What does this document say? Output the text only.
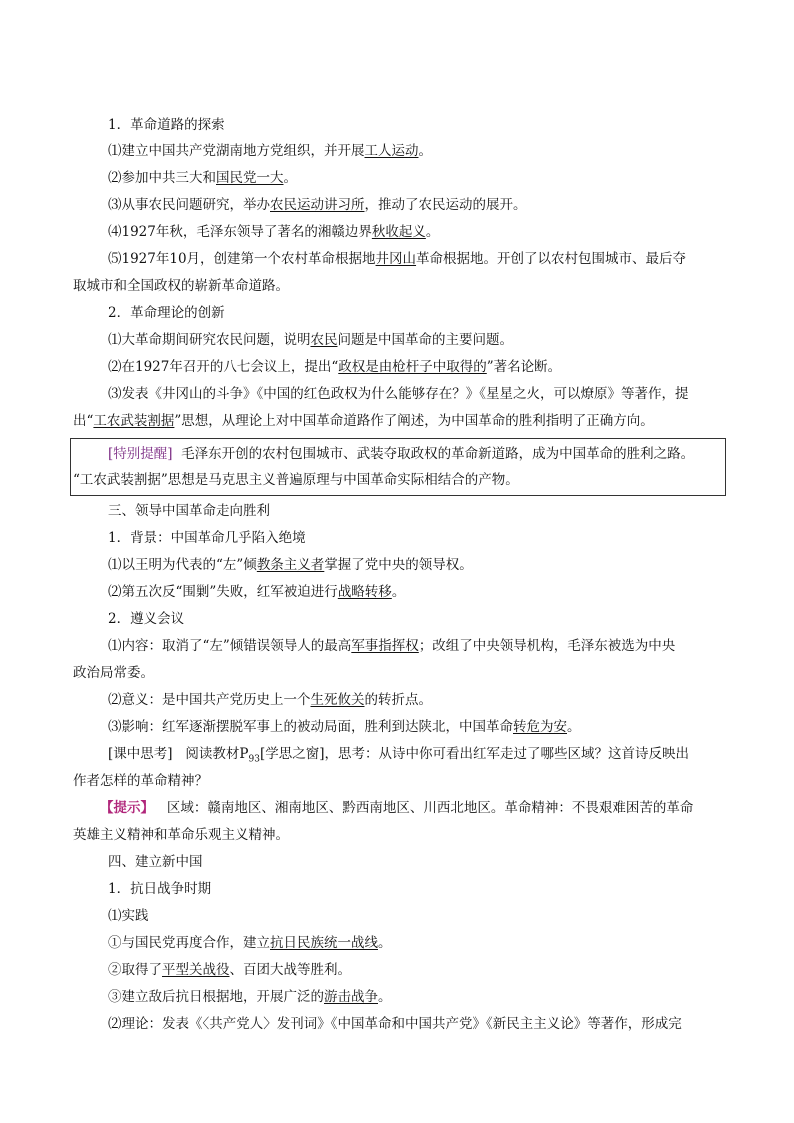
1．革命道路的探索
⑴建立中国共产党湖南地方党组织，并开展工人运动。
⑵参加中共三大和国民党一大。
⑶从事农民问题研究，举办农民运动讲习所，推动了农民运动的展开。
⑷1927年秋，毛泽东领导了著名的湘赣边界秋收起义。
⑸1927年10月，创建第一个农村革命根据地井冈山革命根据地。开创了以农村包围城市、最后夺
取城市和全国政权的崭新革命道路。
2．革命理论的创新
⑴大革命期间研究农民问题，说明农民问题是中国革命的主要问题。
⑵在1927年召开的八七会议上，提出“政权是由枪杆子中取得的”著名论断。
⑶发表《井冈山的斗争》《中国的红色政权为什么能够存在？》《星星之火，可以燎原》等著作，提
出“工农武装割据”思想，从理论上对中国革命道路作了阐述，为中国革命的胜利指明了正确方向。
[特别提醒] 毛泽东开创的农村包围城市、武装夺取政权的革命新道路，成为中国革命的胜利之路。
“工农武装割据”思想是马克思主义普遍原理与中国革命实际相结合的产物。
三、领导中国革命走向胜利
1．背景：中国革命几乎陷入绝境
⑴以王明为代表的“左”倾教条主义者掌握了党中央的领导权。
⑵第五次反“围剿”失败，红军被迫进行战略转移。
2．遵义会议
⑴内容：取消了“左”倾错误领导人的最高军事指挥权；改组了中央领导机构，毛泽东被选为中央
政治局常委。
⑵意义：是中国共产党历史上一个生死攸关的转折点。
⑶影响：红军逐渐摆脱军事上的被动局面，胜利到达陕北，中国革命转危为安。
[课中思考] 阅读教材$P_{93}$[学思之窗]，思考：从诗中你可看出红军走过了哪些区域？这首诗反映出
作者怎样的革命精神？
【提示】 区域：赣南地区、湘南地区、黔西南地区、川西北地区。革命精神：不畏艰难困苦的革命
英雄主义精神和革命乐观主义精神。
四、建立新中国
1．抗日战争时期
⑴实践
①与国民党再度合作，建立抗日民族统一战线。
②取得了平型关战役、百团大战等胜利。
③建立敌后抗日根据地，开展广泛的游击战争。
⑵理论：发表《〈共产党人〉发刊词》《中国革命和中国共产党》《新民主主义论》等著作，形成完
